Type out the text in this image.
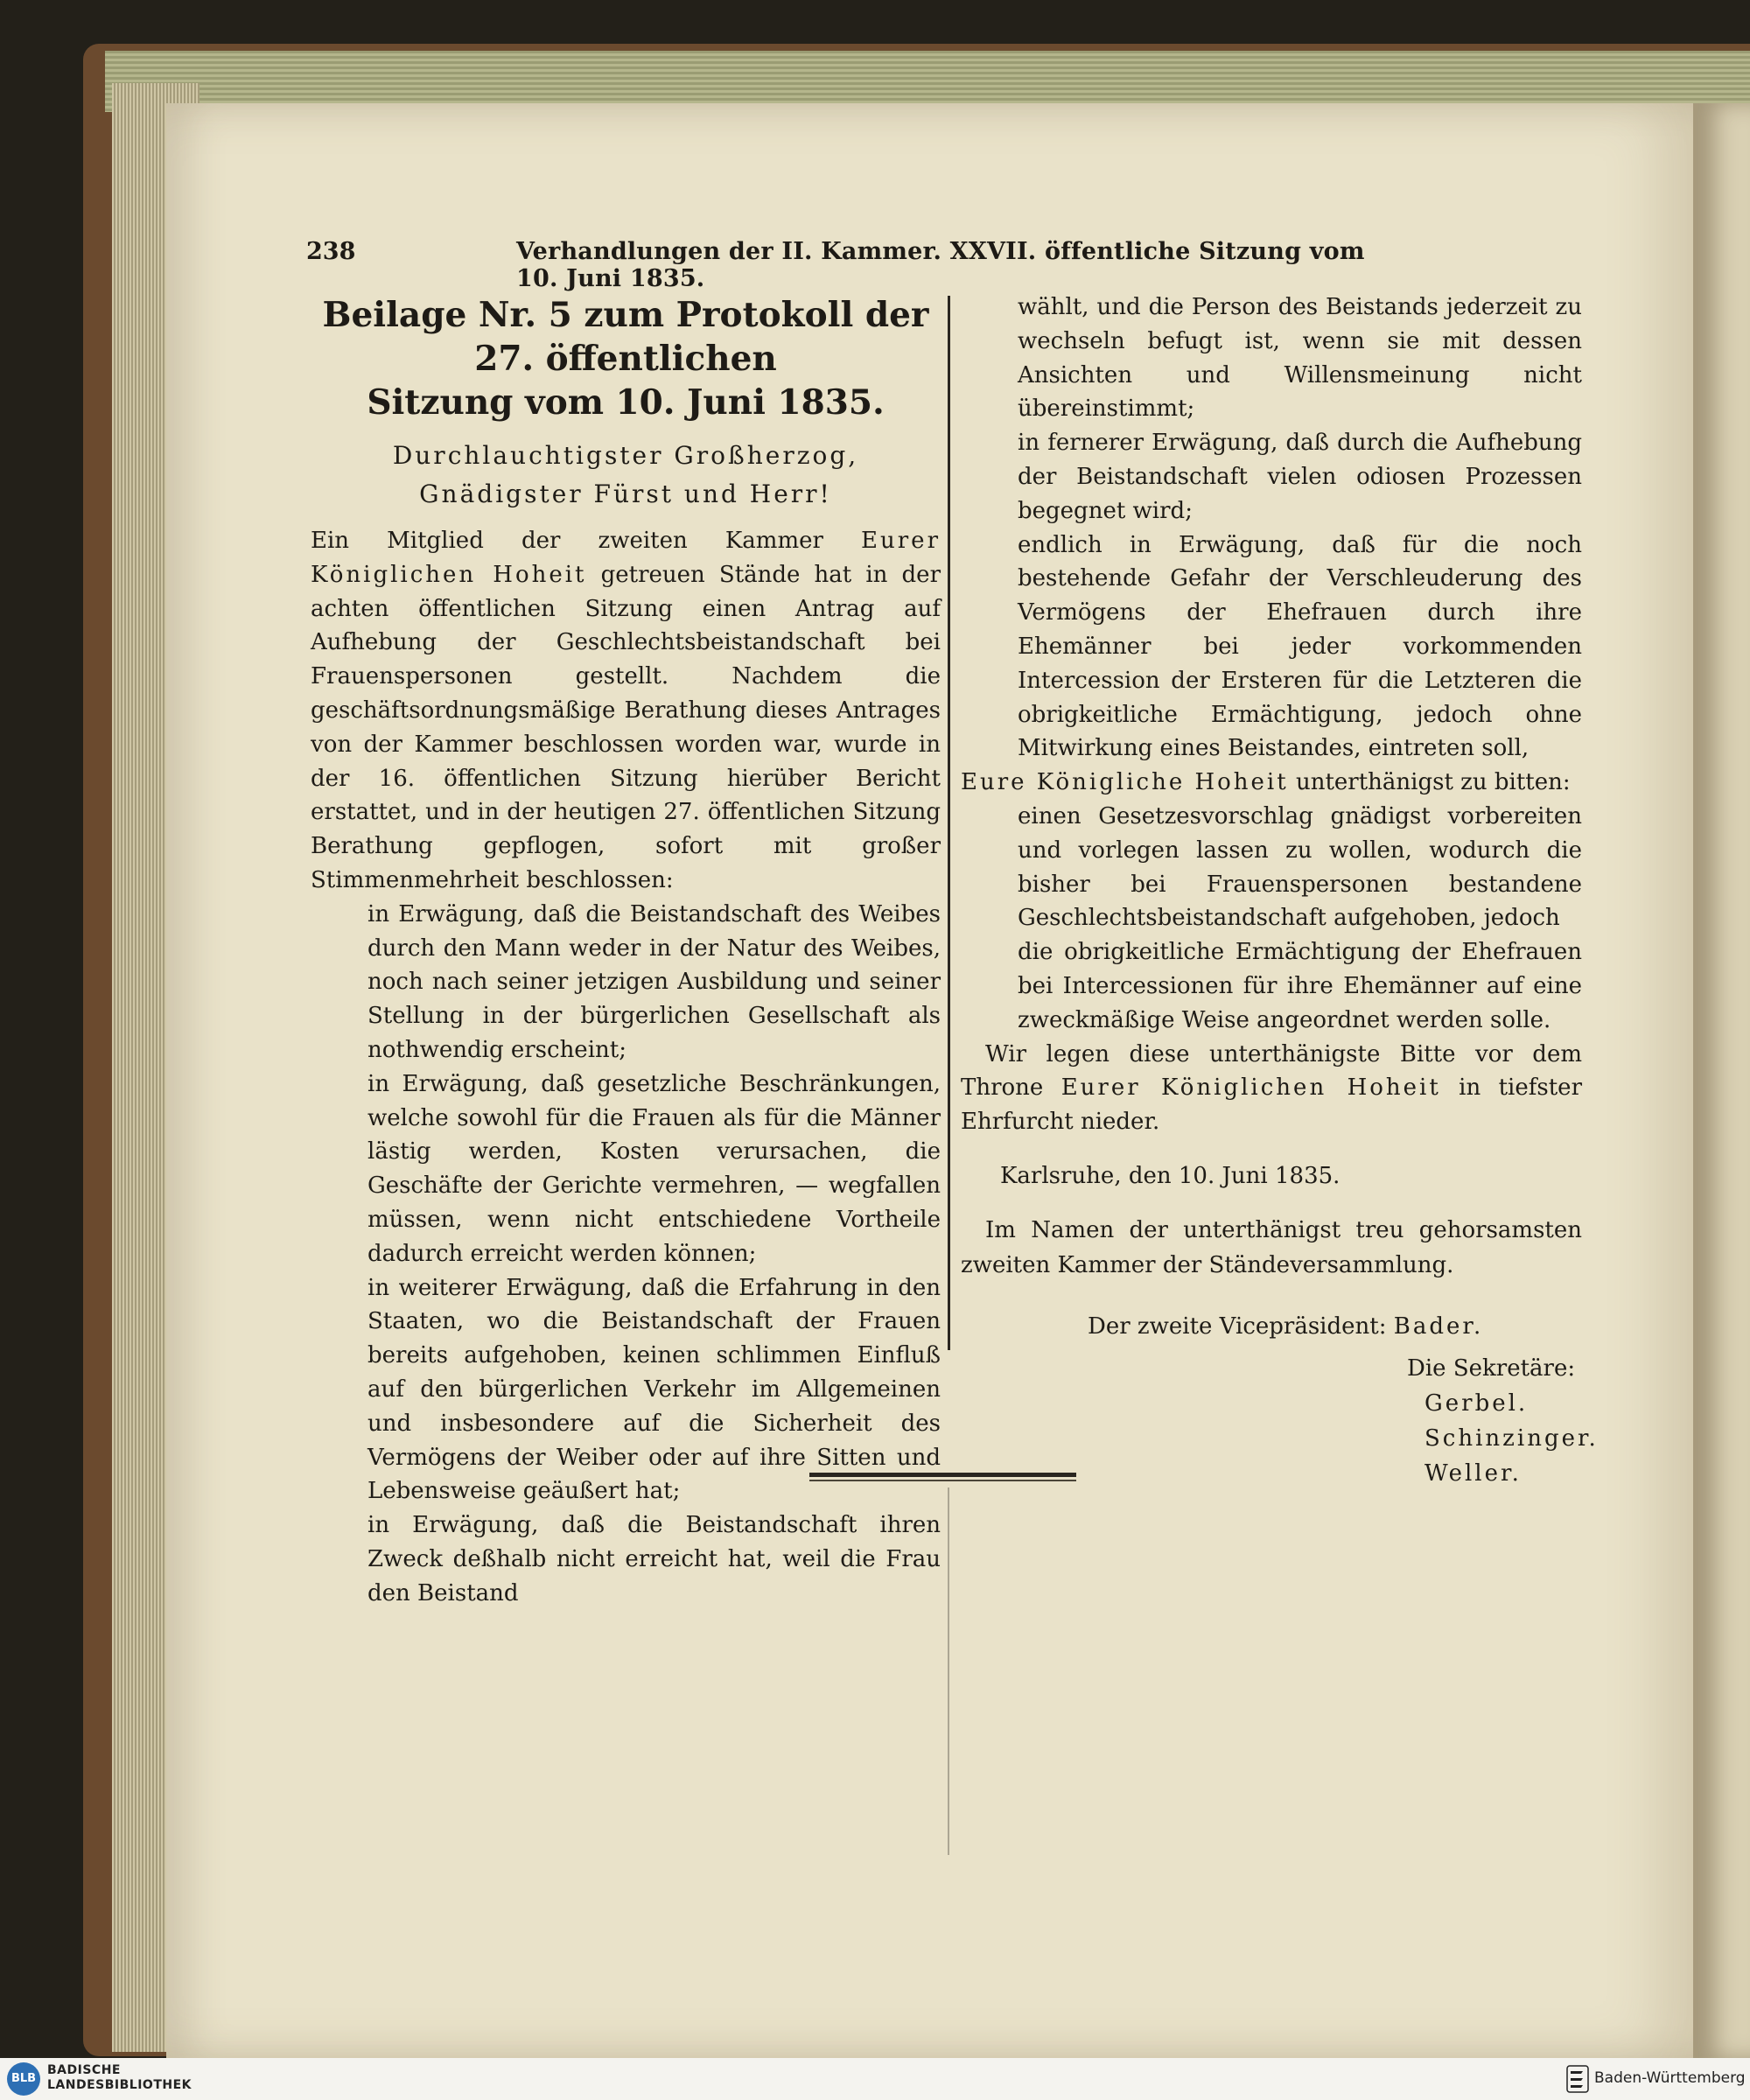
238	Verhandlungen der II. Kammer. XXVII. öffentliche Sitzung vom 10. Juni 1835.
Beilage Nr. 5 zum Protokoll der 27. öffentlichen
Sitzung vom 10. Juni 1835.
Durchlauchtigster Großherzog,
Gnädigster Fürst und Herr!

Ein Mitglied der zweiten Kammer Eurer Königlichen Hoheit getreuen Stände hat in der achten öffentlichen Sitzung einen Antrag auf Aufhebung der Geschlechtsbeistandschaft bei Frauenspersonen gestellt. Nachdem die geschäftsordnungsmäßige Berathung dieses Antrages von der Kammer beschlossen worden war, wurde in der 16. öffentlichen Sitzung hierüber Bericht erstattet, und in der heutigen 27. öffentlichen Sitzung Berathung gepflogen, sofort mit großer Stimmenmehrheit beschlossen:

in Erwägung, daß die Beistandschaft des Weibes durch den Mann weder in der Natur des Weibes, noch nach seiner jetzigen Ausbildung und seiner Stellung in der bürgerlichen Gesellschaft als nothwendig erscheint;

in Erwägung, daß gesetzliche Beschränkungen, welche sowohl für die Frauen als für die Männer lästig werden, Kosten verursachen, die Geschäfte der Gerichte vermehren, — wegfallen müssen, wenn nicht entschiedene Vortheile dadurch erreicht werden können;

in weiterer Erwägung, daß die Erfahrung in den Staaten, wo die Beistandschaft der Frauen bereits aufgehoben, keinen schlimmen Einfluß auf den bürgerlichen Verkehr im Allgemeinen und insbesondere auf die Sicherheit des Vermögens der Weiber oder auf ihre Sitten und Lebensweise geäußert hat;

in Erwägung, daß die Beistandschaft ihren Zweck deßhalb nicht erreicht hat, weil die Frau den Beistand

wählt, und die Person des Beistands jederzeit zu wechseln befugt ist, wenn sie mit dessen Ansichten und Willensmeinung nicht übereinstimmt;

in fernerer Erwägung, daß durch die Aufhebung der Beistandschaft vielen odiosen Prozessen begegnet wird;

endlich in Erwägung, daß für die noch bestehende Gefahr der Verschleuderung des Vermögens der Ehefrauen durch ihre Ehemänner bei jeder vorkommenden Intercession der Ersteren für die Letzteren die obrigkeitliche Ermächtigung, jedoch ohne Mitwirkung eines Beistandes, eintreten soll,

Eure Königliche Hoheit unterthänigst zu bitten:

einen Gesetzesvorschlag gnädigst vorbereiten und vorlegen lassen zu wollen, wodurch die bisher bei Frauenspersonen bestandene Geschlechtsbeistandschaft aufgehoben, jedoch

die obrigkeitliche Ermächtigung der Ehefrauen bei Intercessionen für ihre Ehemänner auf eine zweckmäßige Weise angeordnet werden solle.

Wir legen diese unterthänigste Bitte vor dem Throne Eurer Königlichen Hoheit in tiefster Ehrfurcht nieder.

Karlsruhe, den 10. Juni 1835.

Im Namen der unterthänigst treu gehorsamsten zweiten Kammer der Ständeversammlung.

Der zweite Vicepräsident: Bader.
Die Sekretäre:
Gerbel.
Schinzinger.
Weller.
BLB
BADISCHE
LANDESBIBLIOTHEK	Baden-Württemberg
